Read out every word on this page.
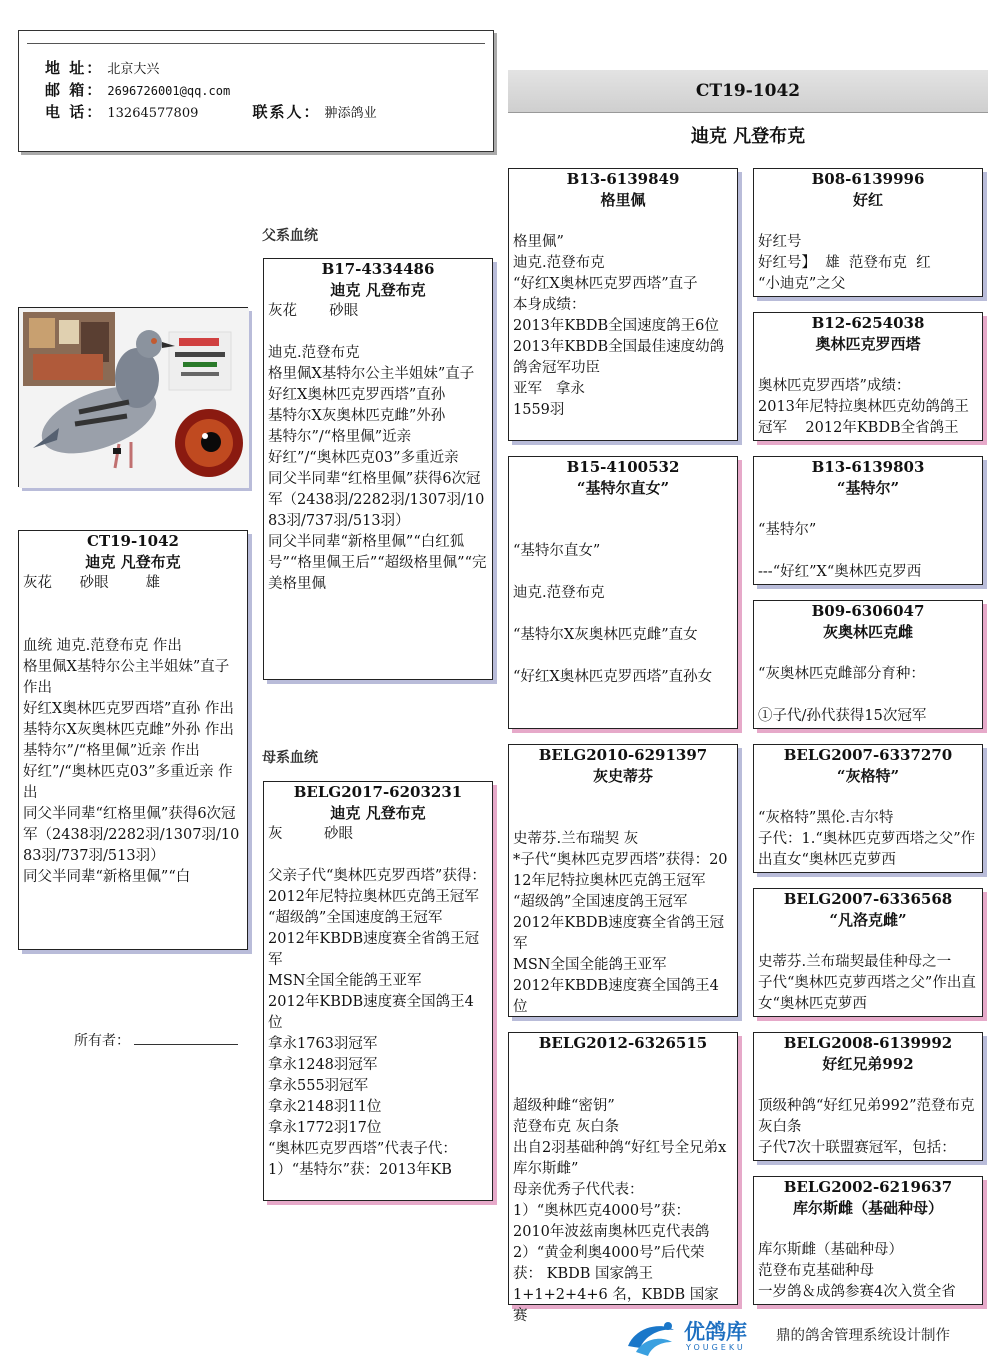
地 址： 北京大兴
邮 箱： 2696726001@qq.com
电 话： 13264577809	联系人： 翀添鸽业
CT19-1042
迪克 凡登布克
父系血统
母系血统
CT19-1042
迪克 凡登布克
灰花      砂眼        雄

血统 迪克.范登布克 作出
格里佩X基特尔公主半姐妹”直子 作出
好红X奥林匹克罗西塔”直孙 作出
基特尔X灰奥林匹克雌”外孙 作出
基特尔”/“格里佩”近亲 作出
好红”/“奥林匹克03”多重近亲 作出
同父半同辈“红格里佩”获得6次冠军（2438羽/2282羽/1307羽/1083羽/737羽/513羽）
同父半同辈“新格里佩”“白
所有者：
B17-4334486
迪克 凡登布克
灰花       砂眼

迪克.范登布克
格里佩X基特尔公主半姐妹”直子
好红X奥林匹克罗西塔”直孙
基特尔X灰奥林匹克雌”外孙
基特尔”/“格里佩”近亲
好红”/“奥林匹克03”多重近亲
同父半同辈“红格里佩”获得6次冠军（2438羽/2282羽/1307羽/1083羽/737羽/513羽）
同父半同辈“新格里佩”“白红狐号”“格里佩王后”“超级格里佩”“完美格里佩
BELG2017-6203231
迪克 凡登布克
灰         砂眼

父亲子代“奥林匹克罗西塔”获得：2012年尼特拉奥林匹克鸽王冠军
“超级鸽”全国速度鸽王冠军
2012年KBDB速度赛全省鸽王冠军
MSN全国全能鸽王亚军
2012年KBDB速度赛全国鸽王4位
拿永1763羽冠军
拿永1248羽冠军
拿永555羽冠军
拿永2148羽11位
拿永1772羽17位
“奥林匹克罗西塔”代表子代：
1）“基特尔”获：2013年KB
B13-6139849
格里佩

格里佩”
迪克.范登布克
“好红X奥林匹克罗西塔”直子
本身成绩：
2013年KBDB全国速度鸽王6位
2013年KBDB全国最佳速度幼鸽鸽舍冠军功臣
亚军   拿永
1559羽
B15-4100532
“基特尔直女”

“基特尔直女”

迪克.范登布克

“基特尔X灰奥林匹克雌”直女

“好红X奥林匹克罗西塔”直孙女
BELG2010-6291397
灰史蒂芬

史蒂芬.兰布瑞契 灰
*子代“奥林匹克罗西塔”获得：2012年尼特拉奥林匹克鸽王冠军
“超级鸽”全国速度鸽王冠军
2012年KBDB速度赛全省鸽王冠军
MSN全国全能鸽王亚军
2012年KBDB速度赛全国鸽王4位
BELG2012-6326515

超级种雌“密钥”
范登布克 灰白条
出自2羽基础种鸽“好红号全兄弟x库尔斯雌”
母亲优秀子代代表：
1）“奥林匹克4000号”获：
2010年波兹南奥林匹克代表鸽
2）“黄金利奥4000号”后代荣获： KBDB 国家鸽王
1+1+2+4+6 名，KBDB 国家赛
B08-6139996
好红

好红号
好红号】  雄  范登布克  红
“小迪克”之父
B12-6254038
奥林匹克罗西塔

奥林匹克罗西塔”成绩：
2013年尼特拉奥林匹克幼鸽鸽王冠军    2012年KBDB全省鸽王
B13-6139803
“基特尔”

“基特尔”

---“好红”X“奥林匹克罗西
B09-6306047
灰奥林匹克雌

“灰奥林匹克雌部分育种：

①子代/孙代获得15次冠军
BELG2007-6337270
“灰格特”

“灰格特”黑伦.吉尔特
子代：1.“奥林匹克萝西塔之父”作出直女“奥林匹克萝西
BELG2007-6336568
“凡洛克雌”

史蒂芬.兰布瑞契最佳种母之一
子代“奥林匹克萝西塔之父”作出直女“奥林匹克萝西
BELG2008-6139992
好红兄弟992

顶级种鸽“好红兄弟992”范登布克 灰白条
子代7次十联盟赛冠军，包括：
BELG2002-6219637
库尔斯雌（基础种母）

库尔斯雌（基础种母）
范登布克基础种母
一岁鸽＆成鸽参赛4次入赏全省
优鸽库
YOUGEKU
鼎的鸽舍管理系统设计制作
